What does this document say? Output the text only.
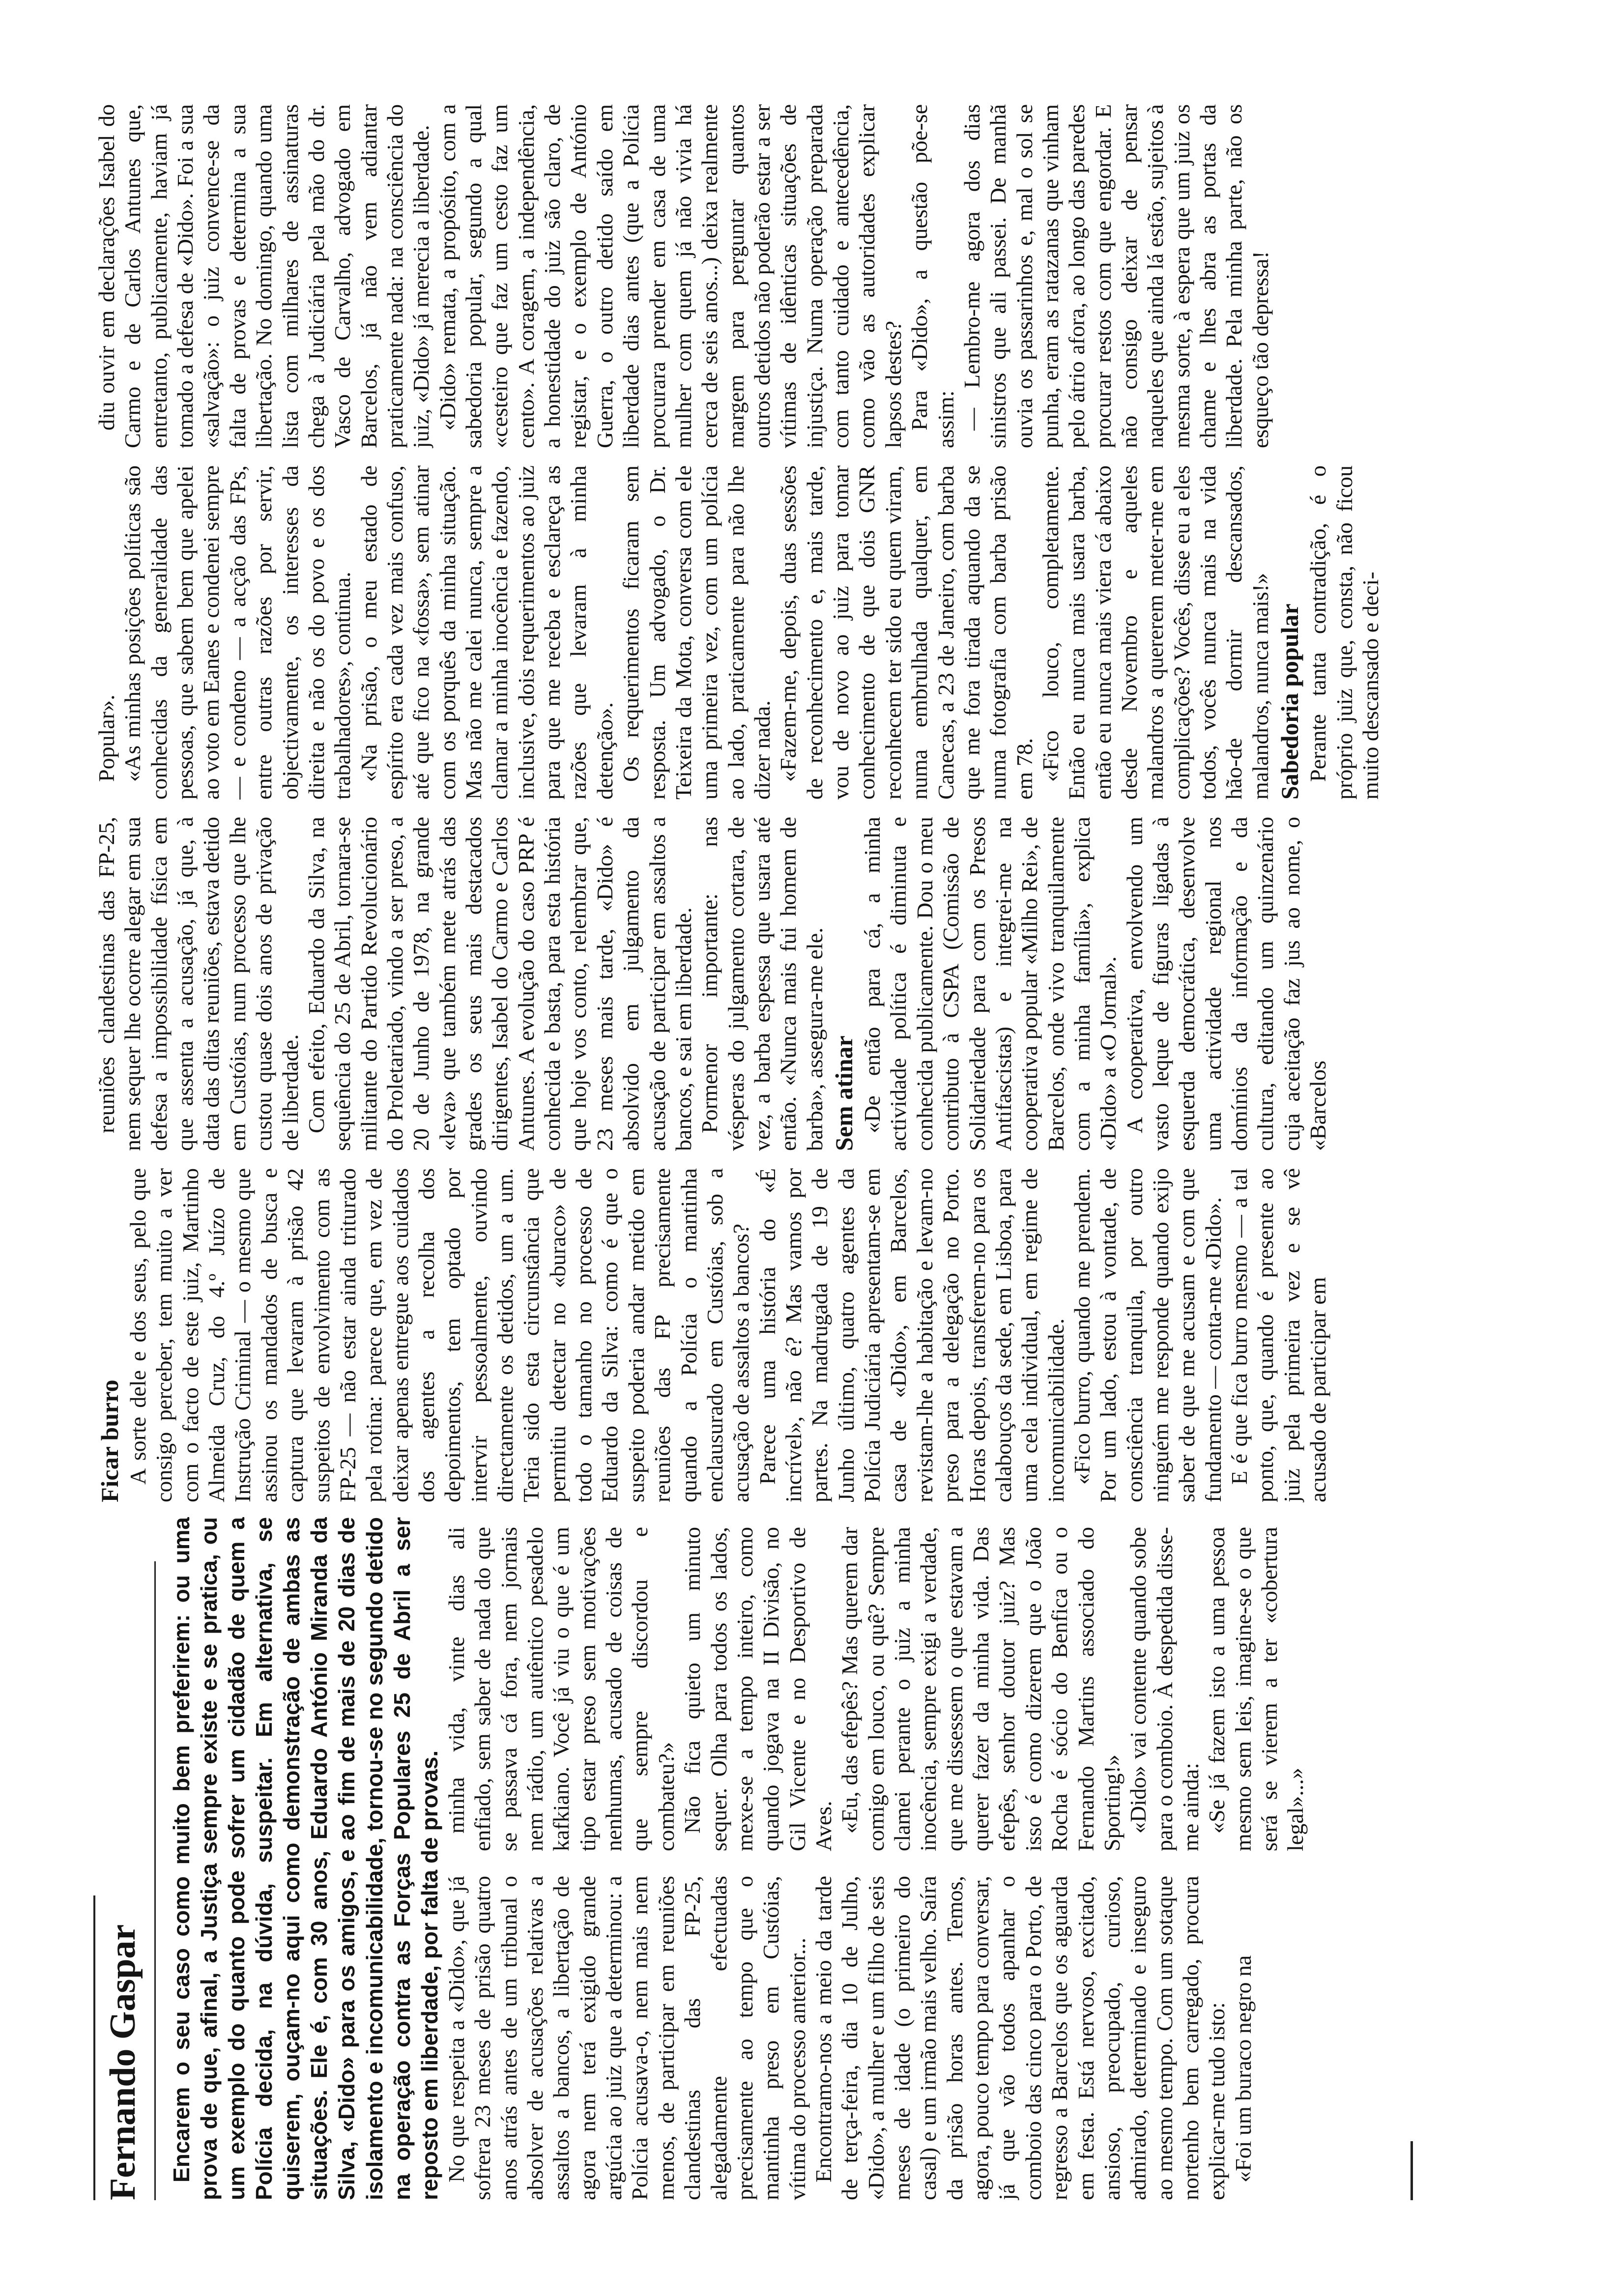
Fernando Gaspar Encarem o seu caso como muito bem preferirem: ou uma prova de que, afinal, a Justiça sempre existe e se pratica, ou um exemplo do quanto pode sofrer um cidadão de quem a Polícia decida, na dúvida, suspeitar. Em alternativa, se quiserem, ouçam-no aqui como demonstração de ambas as situações. Ele é, com 30 anos, Eduardo António Miranda da Silva, «Dido» para os amigos, e ao fim de mais de 20 dias de isolamento e incomunicabilidade, tornou-se no segundo detido na operação contra as Forças Populares 25 de Abril a ser reposto em liberdade, por falta de provas. No que respeita a «Dido», que já sofrera 23 meses de prisão quatro anos atrás antes de um tribunal o absolver de acusações relativas a assaltos a bancos, a libertação de agora nem terá exigido grande argúcia ao juiz que a determinou: a Polícia acusava-o, nem mais nem menos, de participar em reuniões clandestinas das FP-25, alegadamente efectuadas precisamente ao tempo que o mantinha preso em Custóias, vítima do processo anterior... Encontramo-nos a meio da tarde de terça-feira, dia 10 de Julho, «Dido», a mulher e um filho de seis meses de idade (o primeiro do casal) e um irmão mais velho. Saíra da prisão horas antes. Temos, agora, pouco tempo para conversar, já que vão todos apanhar o comboio das cinco para o Porto, de regresso a Barcelos que os aguarda em festa. Está nervoso, excitado, ansioso, preocupado, curioso, admirado, determinado e inseguro ao mesmo tempo. Com um sotaque nortenho bem carregado, procura explicar-me tudo isto: «Foi um buraco negro na

minha vida, vinte dias ali enfiado, sem saber de nada do que se passava cá fora, nem jornais nem rádio, um autêntico pesadelo kafkiano. Você já viu o que é um tipo estar preso sem motivações nenhumas, acusado de coisas de que sempre discordou e combateu?» Não fica quieto um minuto sequer. Olha para todos os lados, mexe-se a tempo inteiro, como quando jogava na II Divisão, no Gil Vicente e no Desportivo de Aves. «Eu, das efepês? Mas querem dar comigo em louco, ou quê? Sempre clamei perante o juiz a minha inocência, sempre exigi a verdade, que me dissessem o que estavam a querer fazer da minha vida. Das efepês, senhor doutor juiz? Mas isso é como dizerem que o João Rocha é sócio do Benfica ou o Fernando Martins associado do Sporting!» «Dido» vai contente quando sobe para o comboio. À despedida disse-me ainda: «Se já fazem isto a uma pessoa mesmo sem leis, imagine-se o que será se vierem a ter «cobertura legal»...»

Ficar burro A sorte dele e dos seus, pelo que consigo perceber, tem muito a ver com o facto de este juiz, Martinho Almeida Cruz, do 4.º Juízo de Instrução Criminal — o mesmo que assinou os mandados de busca e captura que levaram à prisão 42 suspeitos de envolvimento com as FP-25 — não estar ainda triturado pela rotina: parece que, em vez de deixar apenas entregue aos cuidados dos agentes a recolha dos depoimentos, tem optado por intervir pessoalmente, ouvindo directamente os detidos, um a um. Teria sido esta circunstância que permitiu detectar no «buraco» de todo o tamanho no processo de Eduardo da Silva: como é que o suspeito poderia andar metido em reuniões das FP precisamente quando a Polícia o mantinha enclausurado em Custóias, sob a acusação de assaltos a bancos? Parece uma história do «É incrível», não é? Mas vamos por partes. Na madrugada de 19 de Junho último, quatro agentes da Polícia Judiciária apresentam-se em casa de «Dido», em Barcelos, revistam-lhe a habitação e levam-no preso para a delegação no Porto. Horas depois, transferem-no para os calabouços da sede, em Lisboa, para uma cela individual, em regime de incomunicabilidade. «Fico burro, quando me prendem. Por um lado, estou à vontade, de consciência tranquila, por outro ninguém me responde quando exijo saber de que me acusam e com que fundamento — conta-me «Dido». E é que fica burro mesmo — a tal ponto, que, quando é presente ao juiz pela primeira vez e se vê acusado de participar em

reuniões clandestinas das FP-25, nem sequer lhe ocorre alegar em sua defesa a impossibilidade física em que assenta a acusação, já que, à data das ditas reuniões, estava detido em Custóias, num processo que lhe custou quase dois anos de privação de liberdade. Com efeito, Eduardo da Silva, na sequência do 25 de Abril, tornara-se militante do Partido Revolucionário do Proletariado, vindo a ser preso, a 20 de Junho de 1978, na grande «leva» que também mete atrás das grades os seus mais destacados dirigentes, Isabel do Carmo e Carlos Antunes. A evolução do caso PRP é conhecida e basta, para esta história que hoje vos conto, relembrar que, 23 meses mais tarde, «Dido» é absolvido em julgamento da acusação de participar em assaltos a bancos, e sai em liberdade. Pormenor importante: nas vésperas do julgamento cortara, de vez, a barba espessa que usara até então. «Nunca mais fui homem de barba», assegura-me ele. Sem atinar «De então para cá, a minha actividade política é diminuta e conhecida publicamente. Dou o meu contributo à CSPA (Comissão de Solidariedade para com os Presos Antifascistas) e integrei-me na cooperativa popular «Milho Rei», de Barcelos, onde vivo tranquilamente com a minha família», explica «Dido» a «O Jornal». A cooperativa, envolvendo um vasto leque de figuras ligadas à esquerda democrática, desenvolve uma actividade regional nos domínios da informação e da cultura, editando um quinzenário cuja aceitação faz jus ao nome, o «Barcelos

Popular». «As minhas posições políticas são conhecidas da generalidade das pessoas, que sabem bem que apelei ao voto em Eanes e condenei sempre — e condeno — a acção das FPs, entre outras razões por servir, objectivamente, os interesses da direita e não os do povo e os dos trabalhadores», continua. «Na prisão, o meu estado de espírito era cada vez mais confuso, até que fico na «fossa», sem atinar com os porquês da minha situação. Mas não me calei nunca, sempre a clamar a minha inocência e fazendo, inclusive, dois requerimentos ao juiz para que me receba e esclareça as razões que levaram à minha detenção». Os requerimentos ficaram sem resposta. Um advogado, o Dr. Teixeira da Mota, conversa com ele uma primeira vez, com um polícia ao lado, praticamente para não lhe dizer nada. «Fazem-me, depois, duas sessões de reconhecimento e, mais tarde, vou de novo ao juiz para tomar conhecimento de que dois GNR reconhecem ter sido eu quem viram, numa embrulhada qualquer, em Canecas, a 23 de Janeiro, com barba que me fora tirada aquando da se numa fotografia com barba prisão em 78. «Fico louco, completamente. Então eu nunca mais usara barba, então eu nunca mais viera cá abaixo desde Novembro e aqueles malandros a quererem meter-me em complicações? Vocês, disse eu a eles todos, vocês nunca mais na vida hão-de dormir descansados, malandros, nunca mais!» Sabedoria popular Perante tanta contradição, é o próprio juiz que, consta, não ficou muito descansado e deci-

diu ouvir em declarações Isabel do Carmo e de Carlos Antunes que, entretanto, publicamente, haviam já tomado a defesa de «Dido». Foi a sua «salvação»: o juiz convence-se da falta de provas e determina a sua libertação. No domingo, quando uma lista com milhares de assinaturas chega à Judiciária pela mão do dr. Vasco de Carvalho, advogado em Barcelos, já não vem adiantar praticamente nada: na consciência do juiz, «Dido» já merecia a liberdade. «Dido» remata, a propósito, com a sabedoria popular, segundo a qual «cesteiro que faz um cesto faz um cento». A coragem, a independência, a honestidade do juiz são claro, de registar, e o exemplo de António Guerra, o outro detido saído em liberdade dias antes (que a Polícia procurara prender em casa de uma mulher com quem já não vivia há cerca de seis anos...) deixa realmente margem para perguntar quantos outros detidos não poderão estar a ser vítimas de idênticas situações de injustiça. Numa operação preparada com tanto cuidado e antecedência, como vão as autoridades explicar lapsos destes? Para «Dido», a questão põe-se assim: — Lembro-me agora dos dias sinistros que ali passei. De manhã ouvia os passarinhos e, mal o sol se punha, eram as ratazanas que vinham pelo átrio afora, ao longo das paredes procurar restos com que engordar. E não consigo deixar de pensar naqueles que ainda lá estão, sujeitos à mesma sorte, à espera que um juiz os chame e lhes abra as portas da liberdade. Pela minha parte, não os esqueço tão depressa!
